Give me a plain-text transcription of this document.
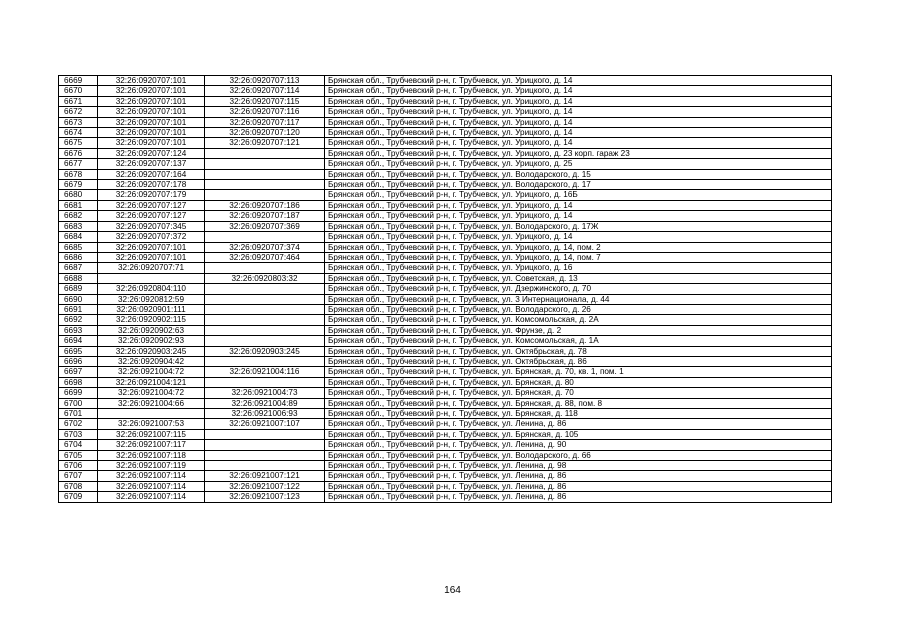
6669	32:26:0920707:101	32:26:0920707:113	Брянская обл., Трубчевский р-н, г. Трубчевск, ул. Урицкого, д. 14
6670	32:26:0920707:101	32:26:0920707:114	Брянская обл., Трубчевский р-н, г. Трубчевск, ул. Урицкого, д. 14
6671	32:26:0920707:101	32:26:0920707:115	Брянская обл., Трубчевский р-н, г. Трубчевск, ул. Урицкого, д. 14
6672	32:26:0920707:101	32:26:0920707:116	Брянская обл., Трубчевский р-н, г. Трубчевск, ул. Урицкого, д. 14
6673	32:26:0920707:101	32:26:0920707:117	Брянская обл., Трубчевский р-н, г. Трубчевск, ул. Урицкого, д. 14
6674	32:26:0920707:101	32:26:0920707:120	Брянская обл., Трубчевский р-н, г. Трубчевск, ул. Урицкого, д. 14
6675	32:26:0920707:101	32:26:0920707:121	Брянская обл., Трубчевский р-н, г. Трубчевск, ул. Урицкого, д. 14
6676	32:26:0920707:124		Брянская обл., Трубчевский р-н, г. Трубчевск, ул. Урицкого, д. 23 корп. гараж 23
6677	32:26:0920707:137		Брянская обл., Трубчевский р-н, г. Трубчевск, ул. Урицкого, д. 25
6678	32:26:0920707:164		Брянская обл., Трубчевский р-н, г. Трубчевск, ул. Володарского, д. 15
6679	32:26:0920707:178		Брянская обл., Трубчевский р-н, г. Трубчевск, ул. Володарского, д. 17
6680	32:26:0920707:179		Брянская обл., Трубчевский р-н, г. Трубчевск, ул. Урицкого, д. 16Б
6681	32:26:0920707:127	32:26:0920707:186	Брянская обл., Трубчевский р-н, г. Трубчевск, ул. Урицкого, д. 14
6682	32:26:0920707:127	32:26:0920707:187	Брянская обл., Трубчевский р-н, г. Трубчевск, ул. Урицкого, д. 14
6683	32:26:0920707:345	32:26:0920707:369	Брянская обл., Трубчевский р-н, г. Трубчевск, ул. Володарского, д. 17Ж
6684	32:26:0920707:372		Брянская обл., Трубчевский р-н, г. Трубчевск, ул. Урицкого, д. 14
6685	32:26:0920707:101	32:26:0920707:374	Брянская обл., Трубчевский р-н, г. Трубчевск, ул. Урицкого, д. 14, пом. 2
6686	32:26:0920707:101	32:26:0920707:464	Брянская обл., Трубчевский р-н, г. Трубчевск, ул. Урицкого, д. 14, пом. 7
6687	32:26:0920707:71		Брянская обл., Трубчевский р-н, г. Трубчевск, ул. Урицкого, д. 16
6688		32:26:0920803:32	Брянская обл., Трубчевский р-н, г. Трубчевск, ул. Советская, д. 13
6689	32:26:0920804:110		Брянская обл., Трубчевский р-н, г. Трубчевск, ул. Дзержинского, д. 70
6690	32:26:0920812:59		Брянская обл., Трубчевский р-н, г. Трубчевск, ул. 3 Интернационала, д. 44
6691	32:26:0920901:111		Брянская обл., Трубчевский р-н, г. Трубчевск, ул. Володарского, д. 26
6692	32:26:0920902:115		Брянская обл., Трубчевский р-н, г. Трубчевск, ул. Комсомольская, д. 2А
6693	32:26:0920902:63		Брянская обл., Трубчевский р-н, г. Трубчевск, ул. Фрунзе, д. 2
6694	32:26:0920902:93		Брянская обл., Трубчевский р-н, г. Трубчевск, ул. Комсомольская, д. 1А
6695	32:26:0920903:245	32:26:0920903:245	Брянская обл., Трубчевский р-н, г. Трубчевск, ул. Октябрьская, д. 78
6696	32:26:0920904:42		Брянская обл., Трубчевский р-н, г. Трубчевск, ул. Октябрьская, д. 86
6697	32:26:0921004:72	32:26:0921004:116	Брянская обл., Трубчевский р-н, г. Трубчевск, ул. Брянская, д. 70, кв. 1, пом. 1
6698	32:26:0921004:121		Брянская обл., Трубчевский р-н, г. Трубчевск, ул. Брянская, д. 80
6699	32:26:0921004:72	32:26:0921004:73	Брянская обл., Трубчевский р-н, г. Трубчевск, ул. Брянская, д. 70
6700	32:26:0921004:66	32:26:0921004:89	Брянская обл., Трубчевский р-н, г. Трубчевск, ул. Брянская, д. 88, пом. 8
6701		32:26:0921006:93	Брянская обл., Трубчевский р-н, г. Трубчевск, ул. Брянская, д. 118
6702	32:26:0921007:53	32:26:0921007:107	Брянская обл., Трубчевский р-н, г. Трубчевск, ул. Ленина, д. 86
6703	32:26:0921007:115		Брянская обл., Трубчевский р-н, г. Трубчевск, ул. Брянская, д. 105
6704	32:26:0921007:117		Брянская обл., Трубчевский р-н, г. Трубчевск, ул. Ленина, д. 90
6705	32:26:0921007:118		Брянская обл., Трубчевский р-н, г. Трубчевск, ул. Володарского, д. 66
6706	32:26:0921007:119		Брянская обл., Трубчевский р-н, г. Трубчевск, ул. Ленина, д. 98
6707	32:26:0921007:114	32:26:0921007:121	Брянская обл., Трубчевский р-н, г. Трубчевск, ул. Ленина, д. 86
6708	32:26:0921007:114	32:26:0921007:122	Брянская обл., Трубчевский р-н, г. Трубчевск, ул. Ленина, д. 86
6709	32:26:0921007:114	32:26:0921007:123	Брянская обл., Трубчевский р-н, г. Трубчевск, ул. Ленина, д. 86
164
